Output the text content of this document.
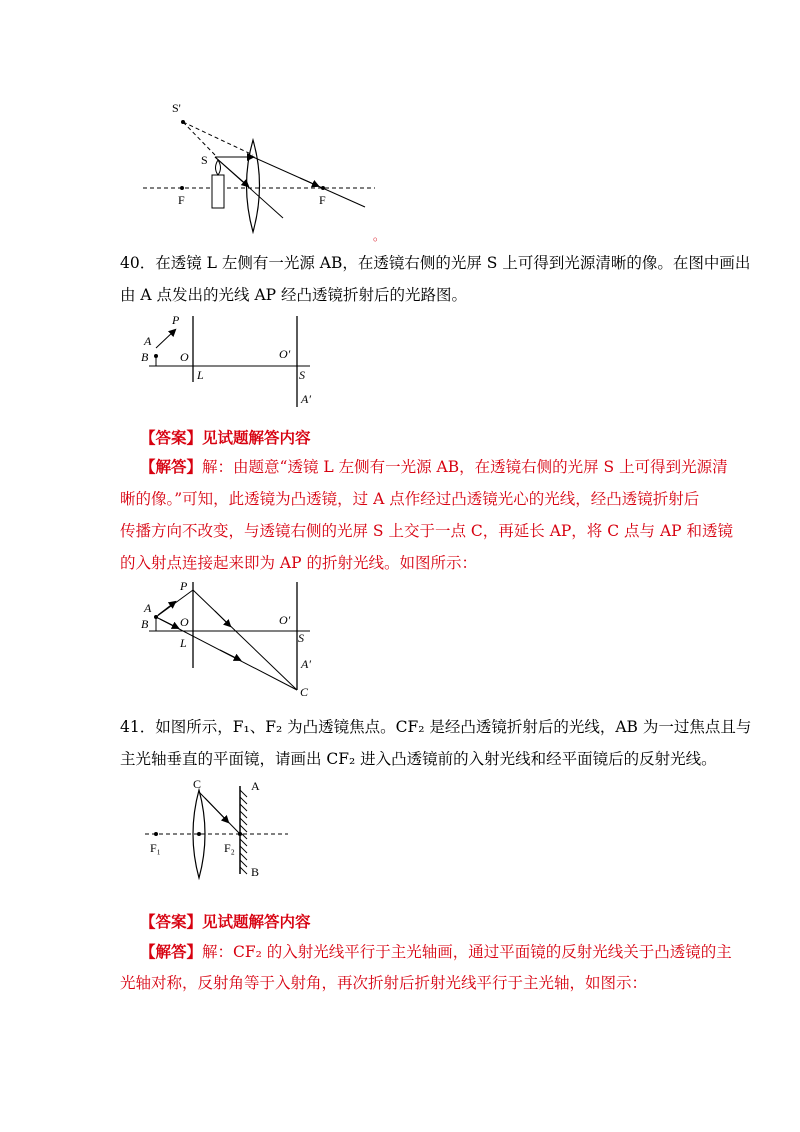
S'
S
F	F
。
40．在透镜 L 左侧有一光源 AB，在透镜右侧的光屏 S 上可得到光源清晰的像。在图中画出
由 A 点发出的光线 AP 经凸透镜折射后的光路图。
P
A
B	O	O′
L	S
A′
【答案】见试题解答内容
【解答】解：由题意“透镜 L 左侧有一光源 AB，在透镜右侧的光屏 S 上可得到光源清
晰的像。”可知，此透镜为凸透镜，过 A 点作经过凸透镜光心的光线，经凸透镜折射后
传播方向不改变，与透镜右侧的光屏 S 上交于一点 C，再延长 AP，将 C 点与 AP 和透镜
的入射点连接起来即为 AP 的折射光线。如图所示：
P
A
B	O	O′
L	S
A′
C
41．如图所示，F₁、F₂ 为凸透镜焦点。CF₂ 是经凸透镜折射后的光线，AB 为一过焦点且与
主光轴垂直的平面镜，请画出 CF₂ 进入凸透镜前的入射光线和经平面镜后的反射光线。
C	A
B
F₁	F₂
【答案】见试题解答内容
【解答】解：CF₂ 的入射光线平行于主光轴画，通过平面镜的反射光线关于凸透镜的主
光轴对称，反射角等于入射角，再次折射后折射光线平行于主光轴，如图示：
